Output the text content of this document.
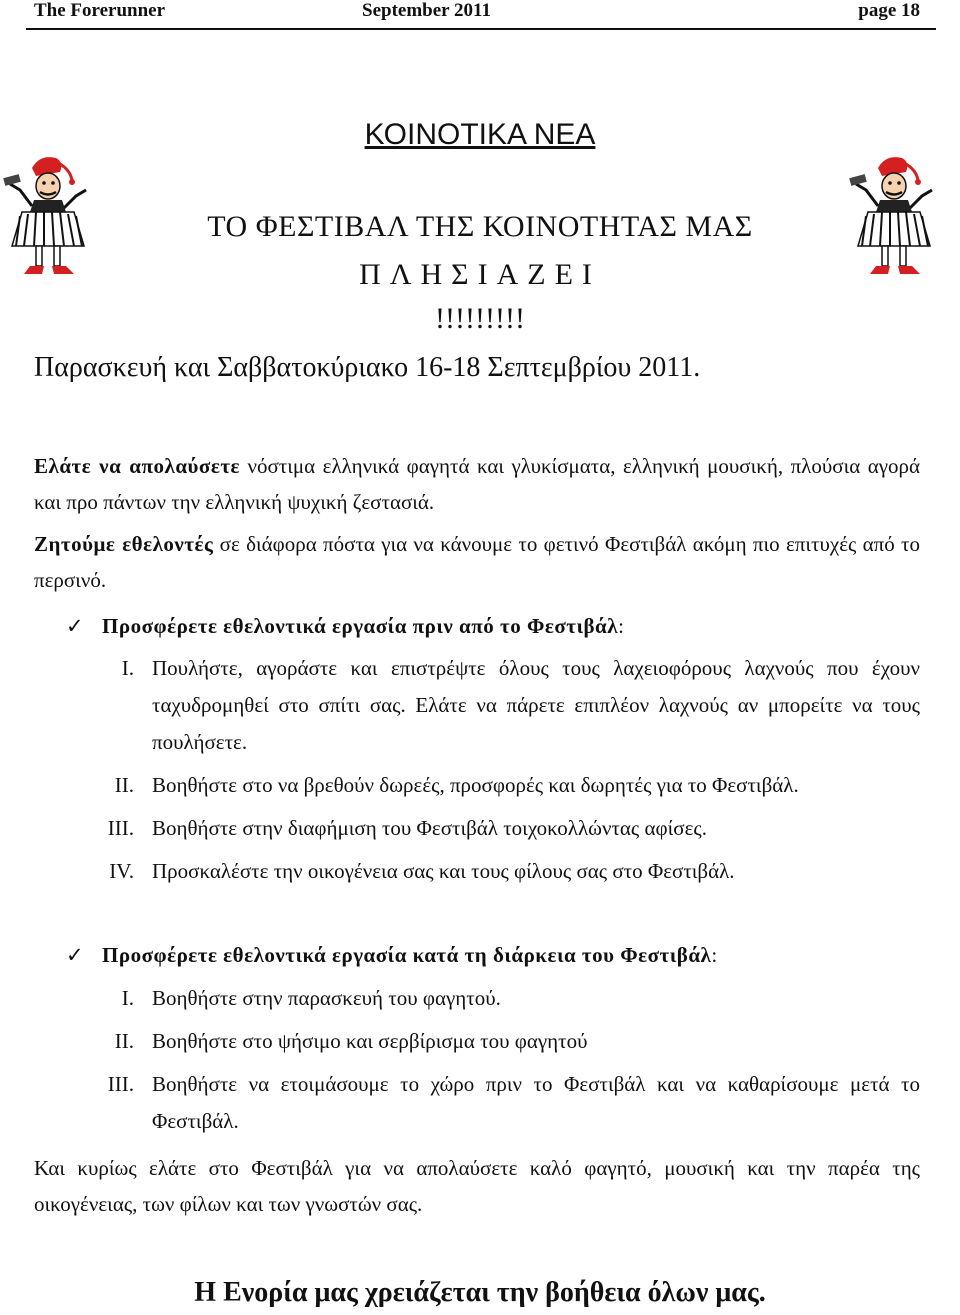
The Forerunner	September 2011	page 18
ΚΟΙΝΟΤΙΚΑ ΝΕΑ
ΤΟ ΦΕΣΤΙΒΑΛ ΤΗΣ ΚΟΙΝΟΤΗΤΑΣ ΜΑΣ
ΠΛΗΣΙΑΖΕΙ
!!!!!!!!!
Παρασκευή και Σαββατοκύριακο 16-18 Σεπτεμβρίου 2011.
Ελάτε να απολαύσετε νόστιμα ελληνικά φαγητά και γλυκίσματα, ελληνική μουσική, πλούσια αγορά και προ πάντων την ελληνική ψυχική ζεστασιά.
Ζητούμε εθελοντές σε διάφορα πόστα για να κάνουμε το φετινό Φεστιβάλ ακόμη πιο επιτυχές από το περσινό.
✓ Προσφέρετε εθελοντικά εργασία πριν από το Φεστιβάλ:
I. Πουλήστε, αγοράστε και επιστρέψτε όλους τους λαχειοφόρους λαχνούς που έχουν ταχυδρομηθεί στο σπίτι σας. Ελάτε να πάρετε επιπλέον λαχνούς αν μπορείτε να τους πουλήσετε.
II. Βοηθήστε στο να βρεθούν δωρεές, προσφορές και δωρητές για το Φεστιβάλ.
III. Βοηθήστε στην διαφήμιση του Φεστιβάλ τοιχοκολλώντας αφίσες.
IV. Προσκαλέστε την οικογένεια σας και τους φίλους σας στο Φεστιβάλ.
✓ Προσφέρετε εθελοντικά εργασία κατά τη διάρκεια του Φεστιβάλ:
I. Βοηθήστε στην παρασκευή του φαγητού.
II. Βοηθήστε στο ψήσιμο και σερβίρισμα του φαγητού
III. Βοηθήστε να ετοιμάσουμε το χώρο πριν το Φεστιβάλ και να καθαρίσουμε μετά το Φεστιβάλ.
Και κυρίως ελάτε στο Φεστιβάλ για να απολαύσετε καλό φαγητό, μουσική και την παρέα της οικογένειας, των φίλων και των γνωστών σας.
Η Ενορία μας χρειάζεται την βοήθεια όλων μας.
